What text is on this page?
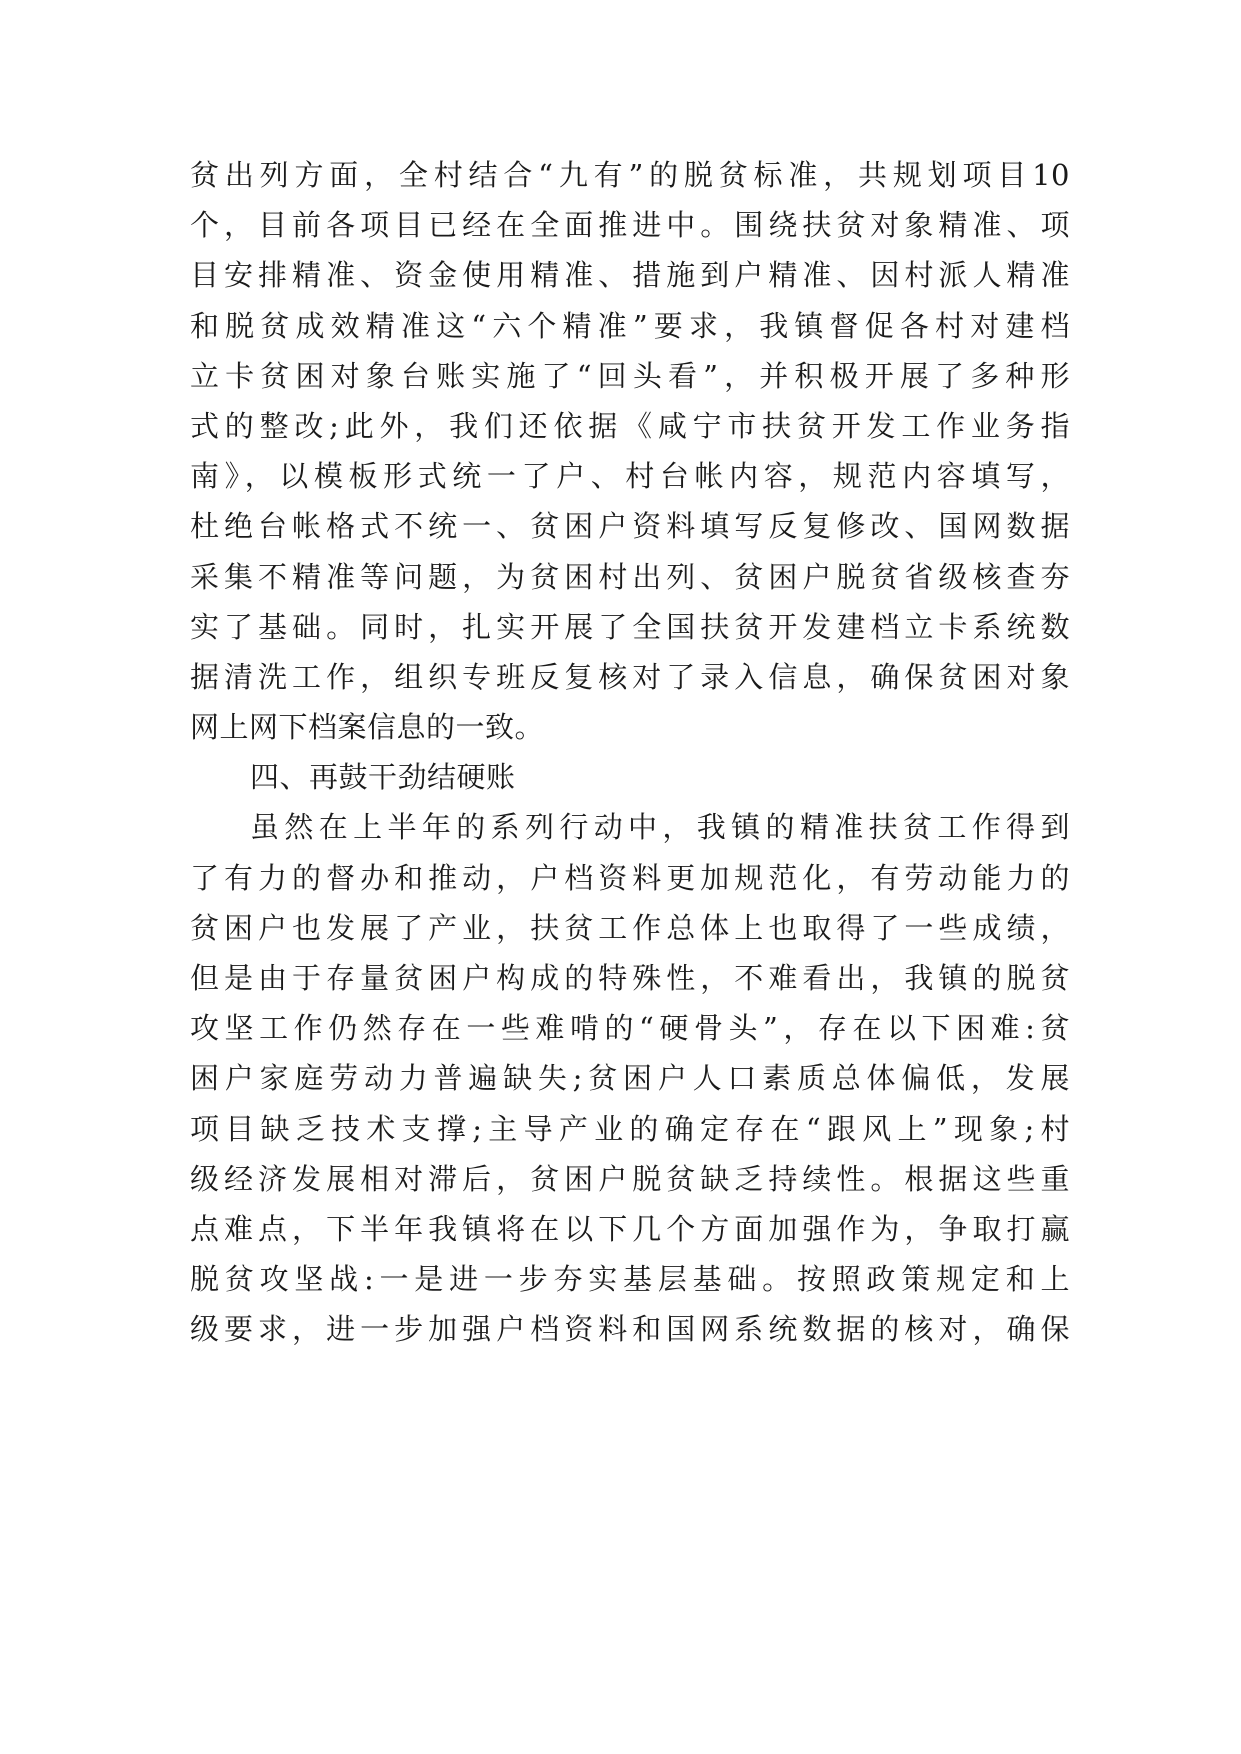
贫出列方面，全村结合“九有”的脱贫标准，共规划项目10
个，目前各项目已经在全面推进中。围绕扶贫对象精准、项
目安排精准、资金使用精准、措施到户精准、因村派人精准
和脱贫成效精准这“六个精准”要求，我镇督促各村对建档
立卡贫困对象台账实施了“回头看”，并积极开展了多种形
式的整改;此外，我们还依据《咸宁市扶贫开发工作业务指
南》，以模板形式统一了户、村台帐内容，规范内容填写，
杜绝台帐格式不统一、贫困户资料填写反复修改、国网数据
采集不精准等问题，为贫困村出列、贫困户脱贫省级核查夯
实了基础。同时，扎实开展了全国扶贫开发建档立卡系统数
据清洗工作，组织专班反复核对了录入信息，确保贫困对象
网上网下档案信息的一致。
四、再鼓干劲结硬账
虽然在上半年的系列行动中，我镇的精准扶贫工作得到
了有力的督办和推动，户档资料更加规范化，有劳动能力的
贫困户也发展了产业，扶贫工作总体上也取得了一些成绩，
但是由于存量贫困户构成的特殊性，不难看出，我镇的脱贫
攻坚工作仍然存在一些难啃的“硬骨头”，存在以下困难:贫
困户家庭劳动力普遍缺失;贫困户人口素质总体偏低，发展
项目缺乏技术支撑;主导产业的确定存在“跟风上”现象;村
级经济发展相对滞后，贫困户脱贫缺乏持续性。根据这些重
点难点，下半年我镇将在以下几个方面加强作为，争取打赢
脱贫攻坚战:一是进一步夯实基层基础。按照政策规定和上
级要求，进一步加强户档资料和国网系统数据的核对，确保
